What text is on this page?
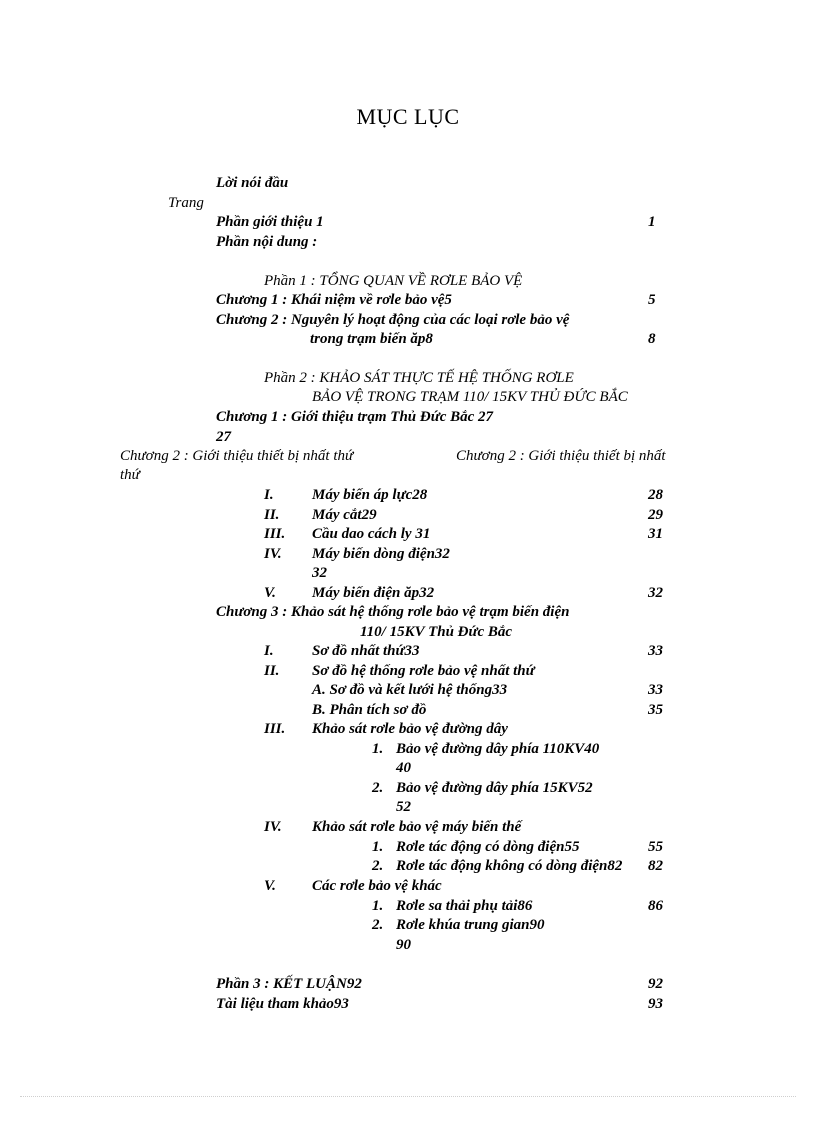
MỤC LỤC
Lời nói đầu
Trang
Phần giới thiệu 1	1
Phần nội dung :
Phần 1 : TỔNG QUAN VỀ RƠLE BẢO VỆ
Chương 1 : Khái niệm về rơle bảo vệ5	5
Chương 2 : Nguyên lý hoạt động của các loại rơle bảo vệ
trong trạm biến ăp8	8
Phần 2 : KHẢO SÁT THỰC TẾ HỆ THỐNG RƠLE
BẢO VỆ TRONG TRẠM 110/ 15KV THỦ ĐỨC BẮC
Chương 1 : Giới thiệu trạm Thủ Đức Bắc 27
27
Chương 2 : Giới thiệu thiết bị nhất thứ	Chương 2 : Giới thiệu thiết bị nhất
thứ
I.	Máy biến áp lực28	28
II. Máy cắt29	29
III. Cầu dao cách ly 31	31
IV. Máy biến dòng điện32
32
V. Máy biến điện ăp32	32
Chương 3 : Khảo sát hệ thống rơle bảo vệ trạm biến điện
110/ 15KV Thủ Đức Bắc
I.	Sơ đồ nhất thứ33	33
II. Sơ đồ hệ thống rơle bảo vệ nhất thứ
A. Sơ đồ và kết lưới hệ thống33	33
B. Phân tích sơ đồ	35
III. Khảo sát rơle bảo vệ đường dây
1. Bảo vệ đường dây phía 110KV40
40
2. Bảo vệ đường dây phía 15KV52
52
IV. Khảo sát rơle bảo vệ máy biến thế
1. Rơle tác động có dòng điện55	55
2. Rơle tác động không có dòng điện82 82
V. Các rơle bảo vệ khác
1. Rơle sa thải phụ tải86	86
2. Rơle khúa trung gian90
90
Phần 3 : KẾT LUẬN92	92
Tài liệu tham khảo93	93
